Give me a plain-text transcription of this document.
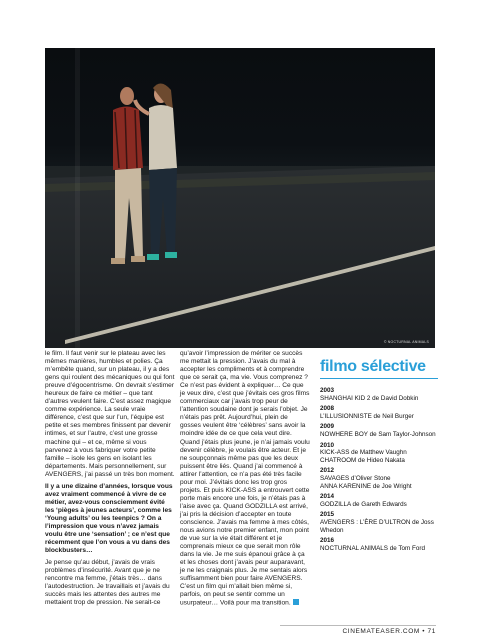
© NOCTURNAL ANIMALS

le film. Il faut venir sur le plateau avec les mêmes manières, humbles et polies. Ça m’embête quand, sur un plateau, il y a des gens qui roulent des mécaniques ou qui font preuve d’égocentrisme. On devrait s’estimer heureux de faire ce métier – que tant d’autres veulent faire. C’est assez magique comme expérience. La seule vraie différence, c’est que sur l’un, l’équipe est petite et ses membres finissent par devenir intimes, et sur l’autre, c’est une grosse machine qui – et ce, même si vous parvenez à vous fabriquer votre petite famille – isole les gens en isolant les départements. Mais personnellement, sur AVENGERS, j’ai passé un très bon moment.

Il y a une dizaine d’années, lorsque vous avez vraiment commencé à vivre de ce métier, avez-vous consciemment évité les ‘pièges à jeunes acteurs’, comme les ‘Young adults’ ou les teenpics ? On a l’impression que vous n’avez jamais voulu être une ‘sensation’ ; ce n’est que récemment que l’on vous a vu dans des blockbusters…

Je pense qu’au début, j’avais de vrais problèmes d’insécurité. Avant que je ne rencontre ma femme, j’étais très… dans l’autodestruction. Je travaillais et j’avais du succès mais les attentes des autres me mettaient trop de pression. Ne serait-ce

qu’avoir l’impression de mériter ce succès me mettait la pression. J’avais du mal à accepter les compliments et à comprendre que ce serait ça, ma vie. Vous comprenez ? Ce n’est pas évident à expliquer… Ce que je veux dire, c’est que j’évitais ces gros films commerciaux car j’avais trop peur de l’attention soudaine dont je serais l’objet. Je n’étais pas prêt. Aujourd’hui, plein de gosses veulent être ‘célèbres’ sans avoir la moindre idée de ce que cela veut dire. Quand j’étais plus jeune, je n’ai jamais voulu devenir célèbre, je voulais être acteur. Et je ne soupçonnais même pas que les deux puissent être liés. Quand j’ai commencé à attirer l’attention, ce n’a pas été très facile pour moi. J’évitais donc les trop gros projets. Et puis KICK-ASS a entrouvert cette porte mais encore une fois, je n’étais pas à l’aise avec ça. Quand GODZILLA est arrivé, j’ai pris la décision d’accepter en toute conscience. J’avais ma femme à mes côtés, nous avions notre premier enfant, mon point de vue sur la vie était différent et je comprenais mieux ce que serait mon rôle dans la vie. Je me suis épanoui grâce à ça et les choses dont j’avais peur auparavant, je ne les craignais plus. Je me sentais alors suffisamment bien pour faire AVENGERS. C’est un film qui m’allait bien même si, parfois, on peut se sentir comme un usurpateur… Voilà pour ma transition.

filmo sélective
2003
SHANGHAI KID 2 de David Dobkin
2008
L’ILLUSIONNISTE de Neil Burger
2009
NOWHERE BOY de Sam Taylor-Johnson
2010
KICK-ASS de Matthew Vaughn
CHATROOM de Hideo Nakata
2012
SAVAGES d’Oliver Stone
ANNA KARENINE de Joe Wright
2014
GODZILLA de Gareth Edwards
2015
AVENGERS : L’ÈRE D’ULTRON de Joss Whedon
2016
NOCTURNAL ANIMALS de Tom Ford
CINEMATEASER.COM • 71
